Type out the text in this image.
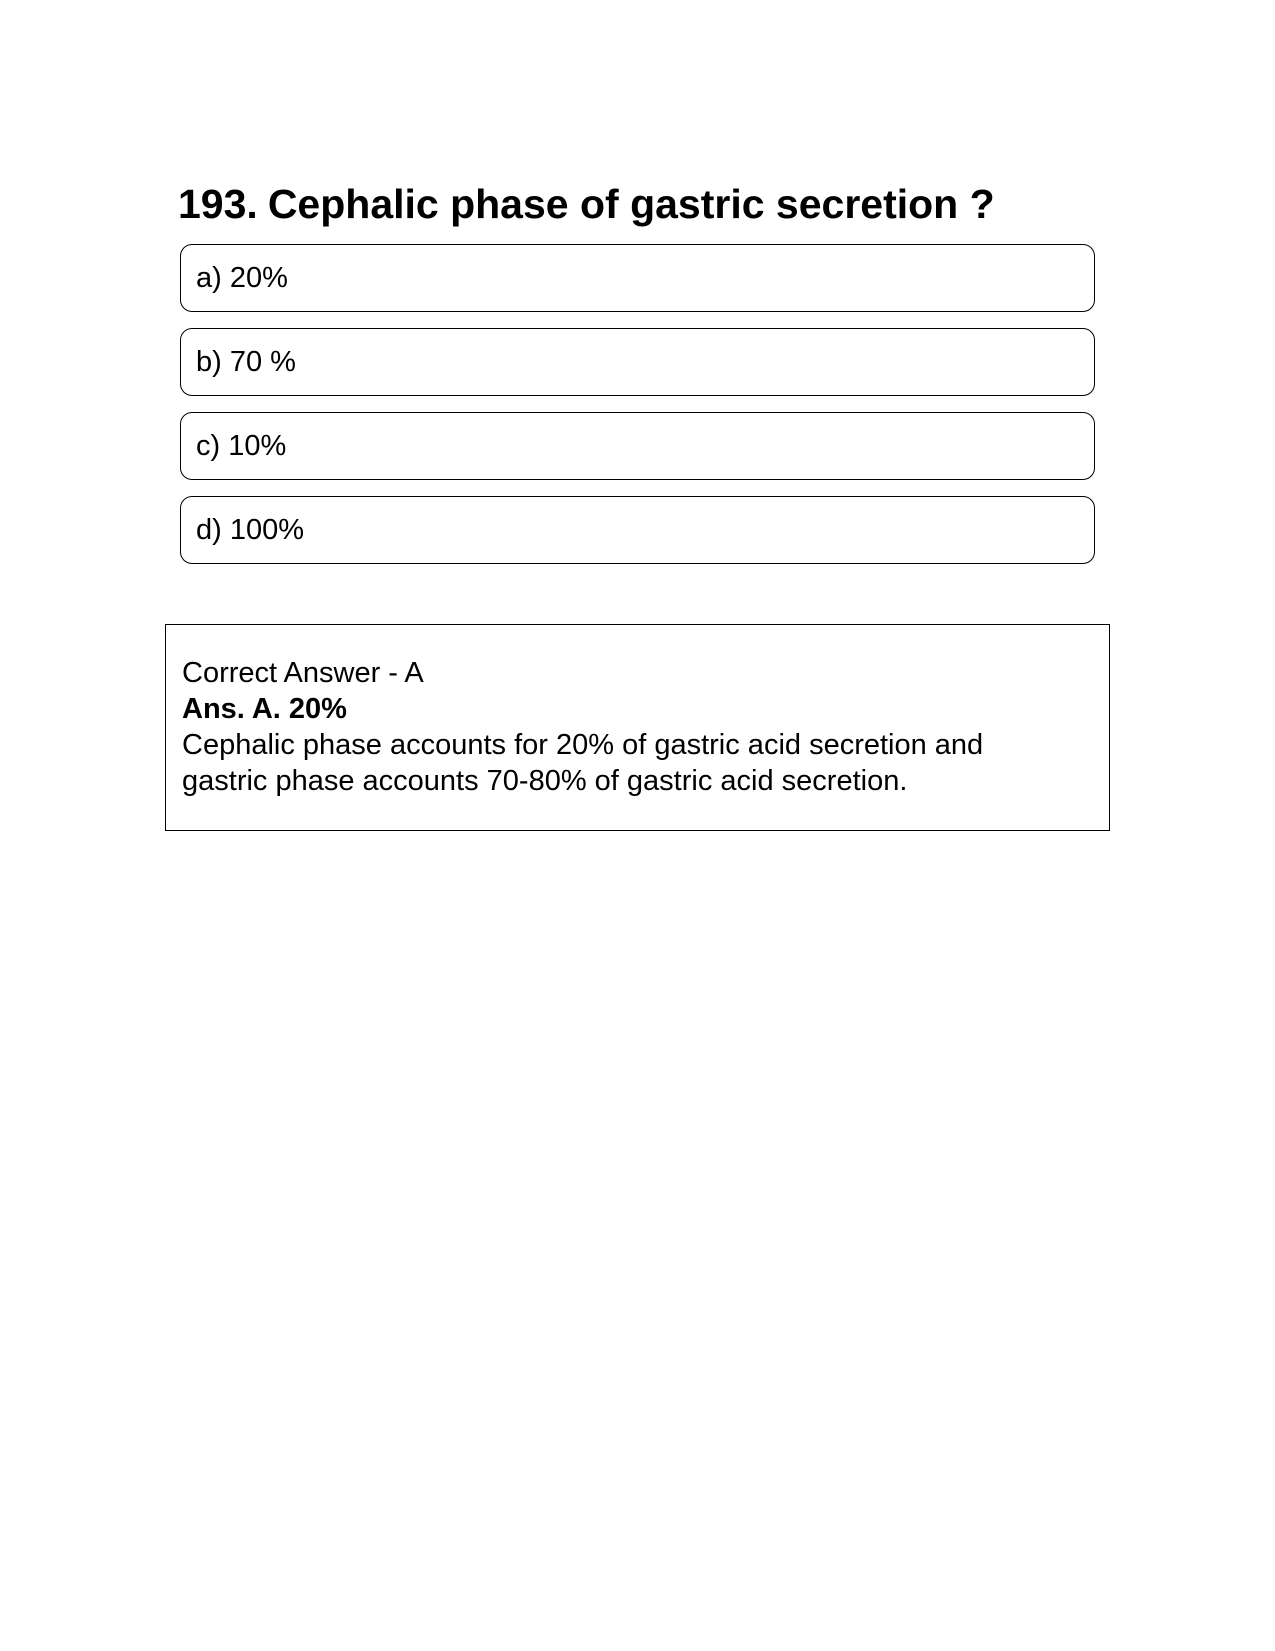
193. Cephalic phase of gastric secretion ?
a) 20%
b) 70 %
c) 10%
d) 100%
Correct Answer - A
Ans. A. 20%
Cephalic phase accounts for 20% of gastric acid secretion and gastric phase accounts 70-80% of gastric acid secretion.
